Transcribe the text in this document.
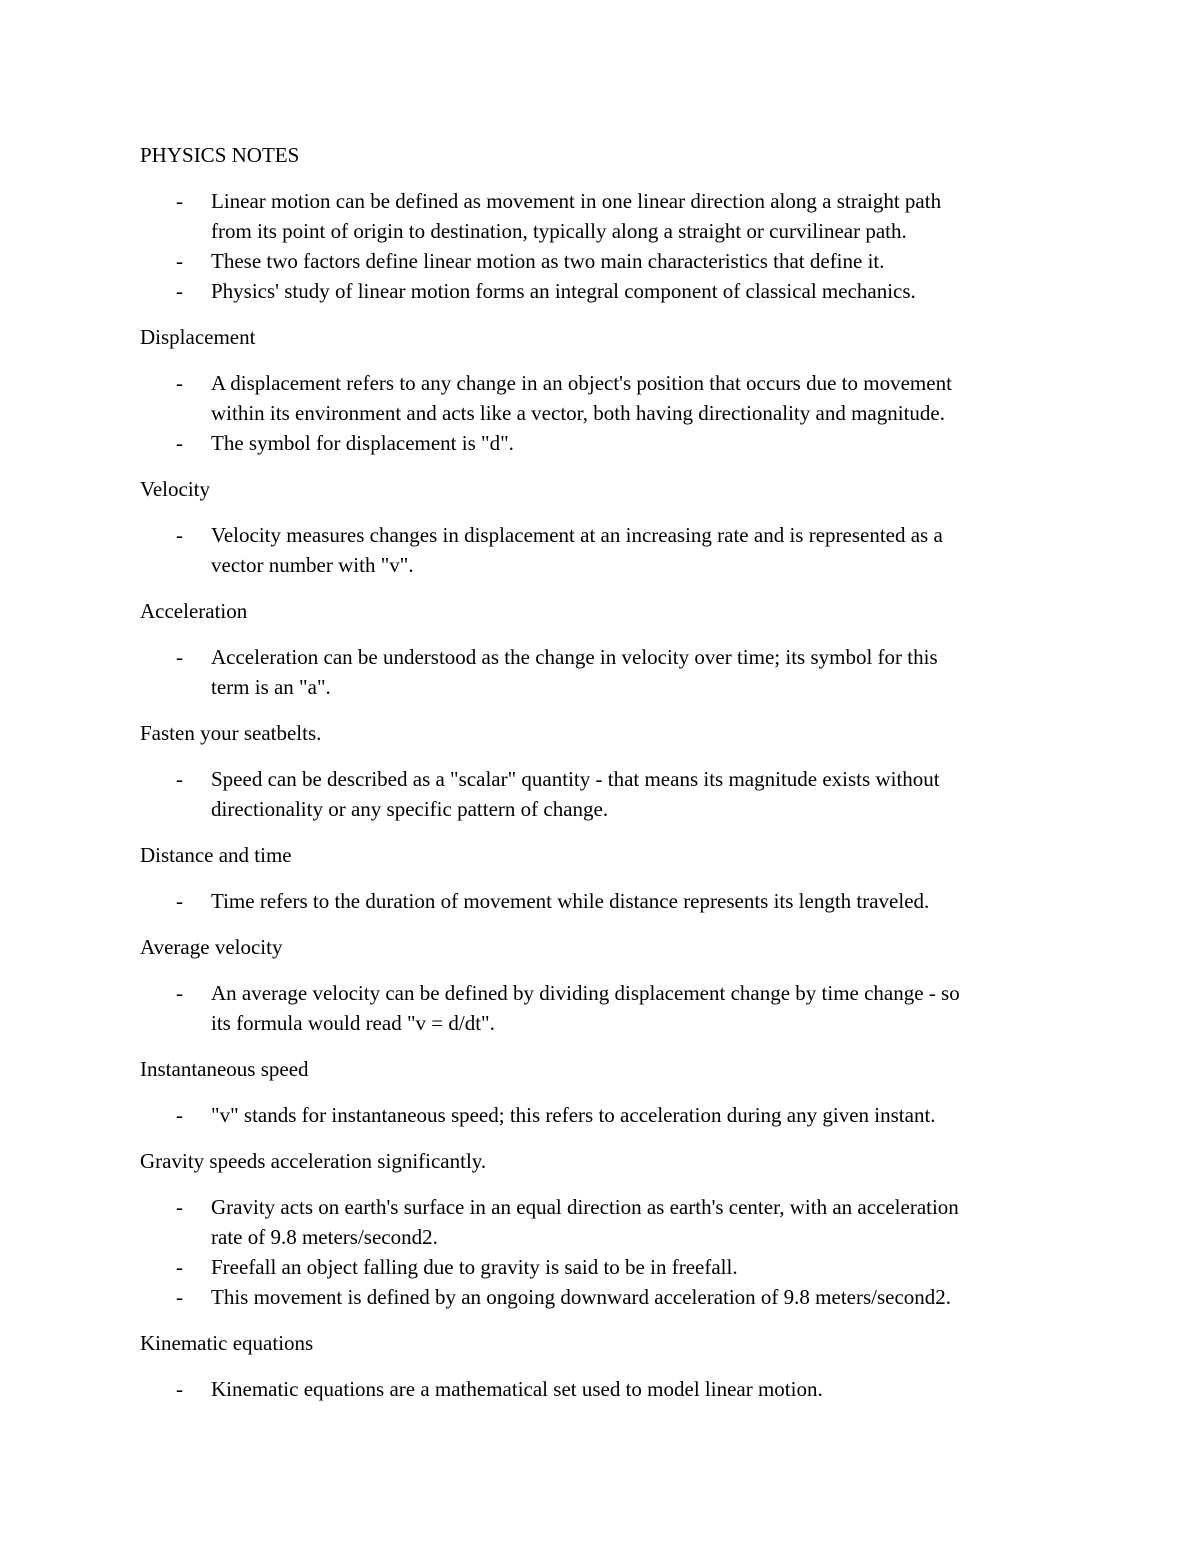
PHYSICS NOTES
-	Linear motion can be defined as movement in one linear direction along a straight path
from its point of origin to destination, typically along a straight or curvilinear path.
-	These two factors define linear motion as two main characteristics that define it.
-	Physics' study of linear motion forms an integral component of classical mechanics.
Displacement
-	A displacement refers to any change in an object's position that occurs due to movement
within its environment and acts like a vector, both having directionality and magnitude.
-	The symbol for displacement is "d".
Velocity
-	Velocity measures changes in displacement at an increasing rate and is represented as a
vector number with "v".
Acceleration
-	Acceleration can be understood as the change in velocity over time; its symbol for this
term is an "a".
Fasten your seatbelts.
-	Speed can be described as a "scalar" quantity - that means its magnitude exists without
directionality or any specific pattern of change.
Distance and time
-	Time refers to the duration of movement while distance represents its length traveled.
Average velocity
-	An average velocity can be defined by dividing displacement change by time change - so
its formula would read "v = d/dt".
Instantaneous speed
-	"v" stands for instantaneous speed; this refers to acceleration during any given instant.
Gravity speeds acceleration significantly.
-	Gravity acts on earth's surface in an equal direction as earth's center, with an acceleration
rate of 9.8 meters/second2.
-	Freefall an object falling due to gravity is said to be in freefall.
-	This movement is defined by an ongoing downward acceleration of 9.8 meters/second2.
Kinematic equations
-	Kinematic equations are a mathematical set used to model linear motion.
